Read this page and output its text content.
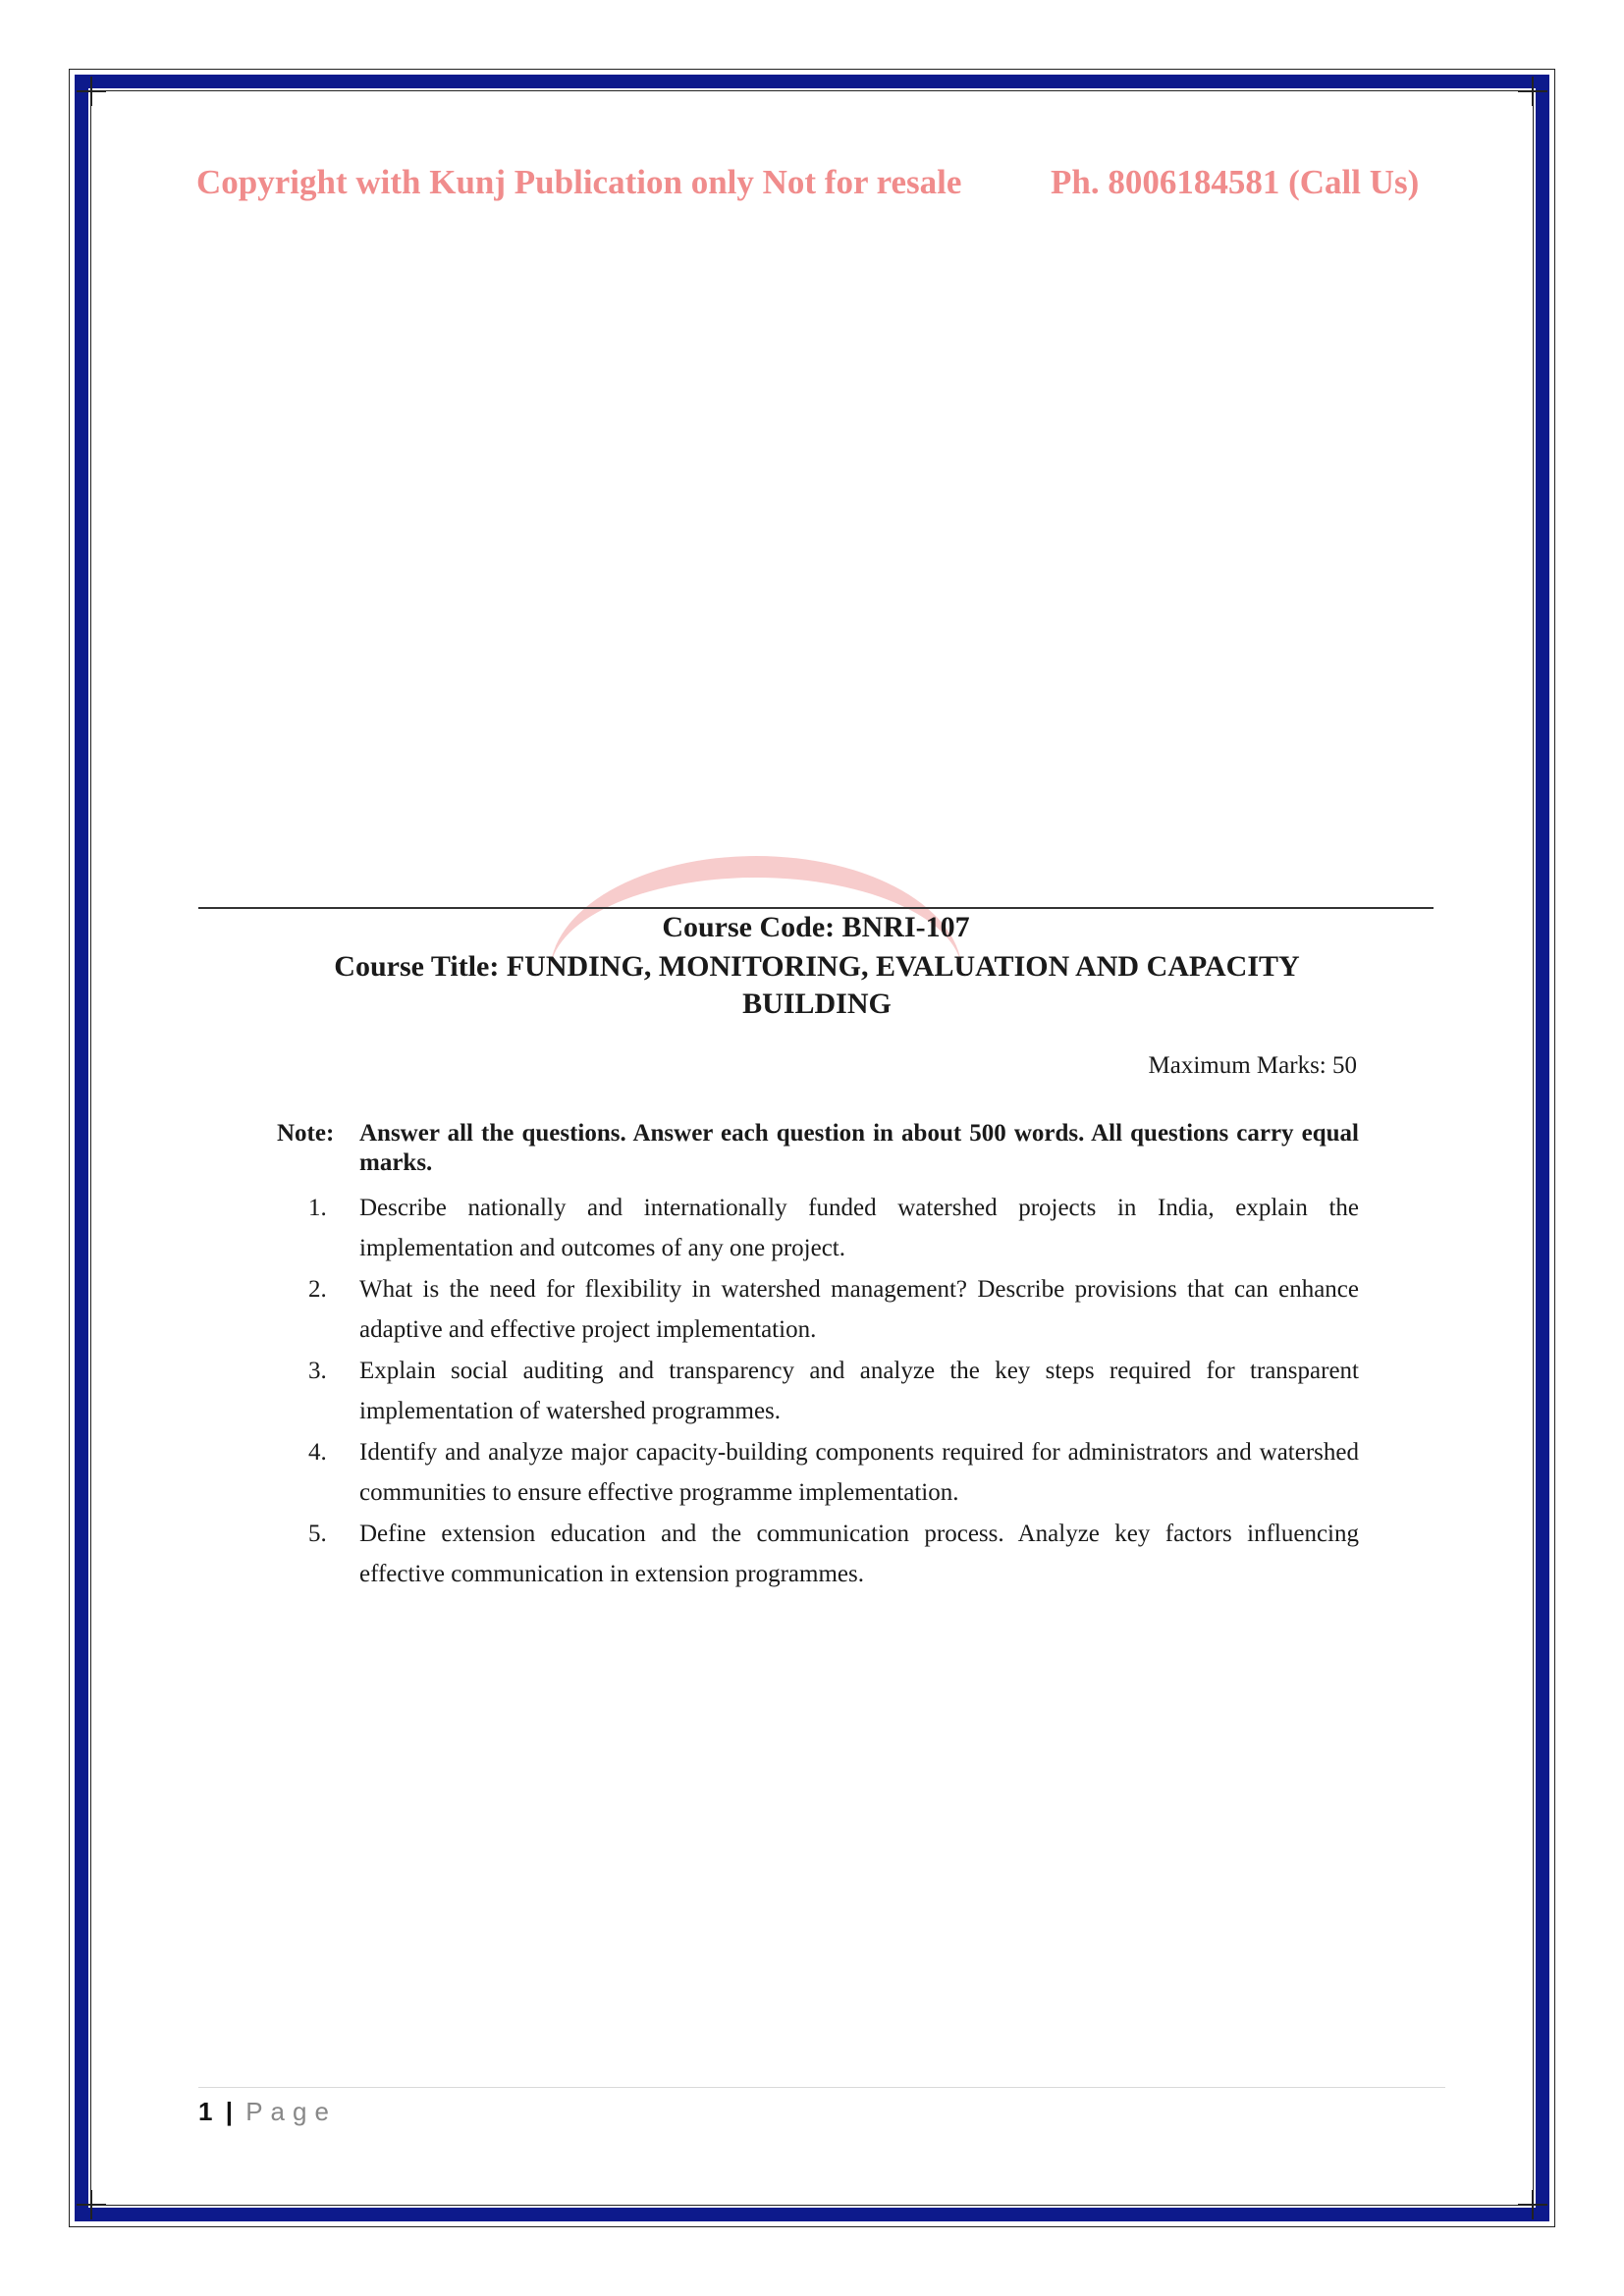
Copyright with Kunj Publication only Not for resale	Ph. 8006184581 (Call Us)
Course Code: BNRI-107
Course Title: FUNDING, MONITORING, EVALUATION AND CAPACITY BUILDING
Maximum Marks: 50
Note: Answer all the questions. Answer each question in about 500 words. All questions carry equal marks.
1. Describe nationally and internationally funded watershed projects in India, explain the implementation and outcomes of any one project.
2. What is the need for flexibility in watershed management? Describe provisions that can enhance adaptive and effective project implementation.
3. Explain social auditing and transparency and analyze the key steps required for transparent implementation of watershed programmes.
4. Identify and analyze major capacity-building components required for administrators and watershed communities to ensure effective programme implementation.
5. Define extension education and the communication process. Analyze key factors influencing effective communication in extension programmes.
1 | Page
